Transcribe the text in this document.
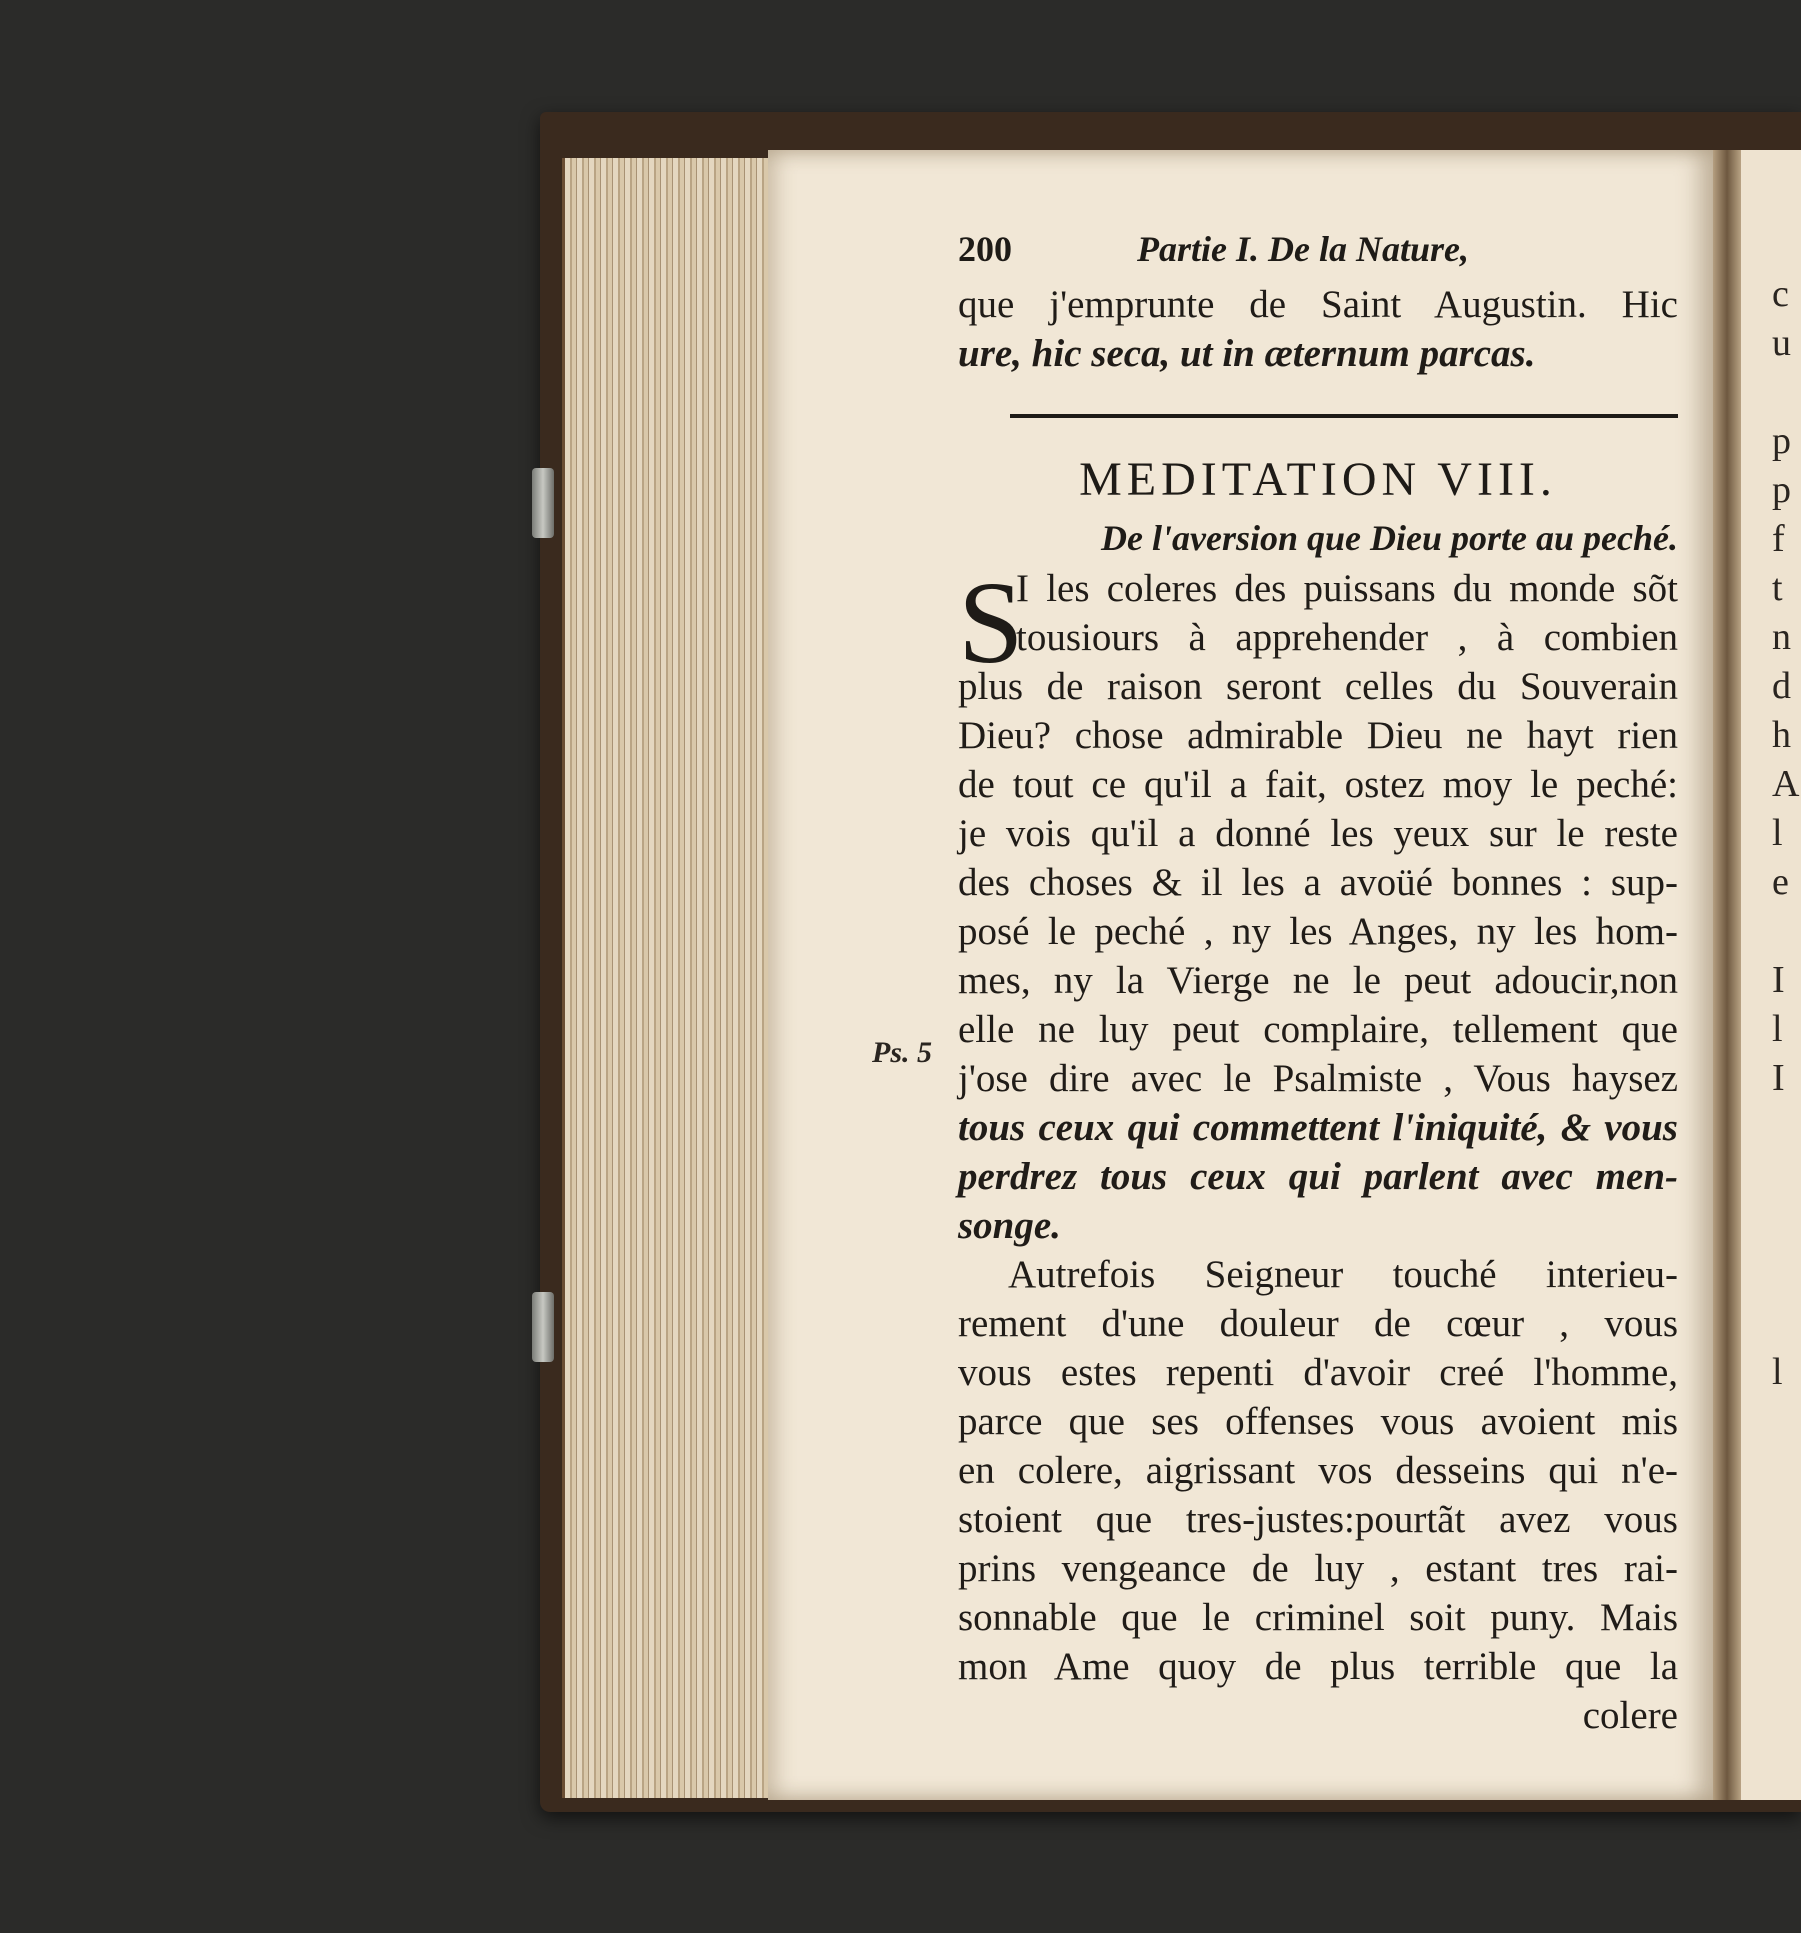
Ps. 5
c
u
p
p
f
t
n
d
h
A
l
e
I
l
I
l
200	Partie I. De la Nature,
que j'emprunte de Saint Augustin. Hic
ure, hic seca, ut in æternum parcas.
MEDITATION VIII.
De l'aversion que Dieu porte au peché.
S
I les coleres des puissans du monde sõt
tousiours à apprehender , à combien
plus de raison seront celles du Souverain
Dieu? chose admirable Dieu ne hayt rien
de tout ce qu'il a fait, ostez moy le peché:
je vois qu'il a donné les yeux sur le reste
des choses & il les a avoüé bonnes : sup-
posé le peché , ny les Anges, ny les hom-
mes, ny la Vierge ne le peut adoucir,non
elle ne luy peut complaire, tellement que
j'ose dire avec le Psalmiste , Vous haysez
tous ceux qui commettent l'iniquité, & vous
perdrez tous ceux qui parlent avec men-
songe.
Autrefois Seigneur touché interieu-
rement d'une douleur de cœur , vous
vous estes repenti d'avoir creé l'homme,
parce que ses offenses vous avoient mis
en colere, aigrissant vos desseins qui n'e-
stoient que tres-justes:pourtãt avez vous
prins vengeance de luy , estant tres rai-
sonnable que le criminel soit puny. Mais
mon Ame quoy de plus terrible que la
colere
